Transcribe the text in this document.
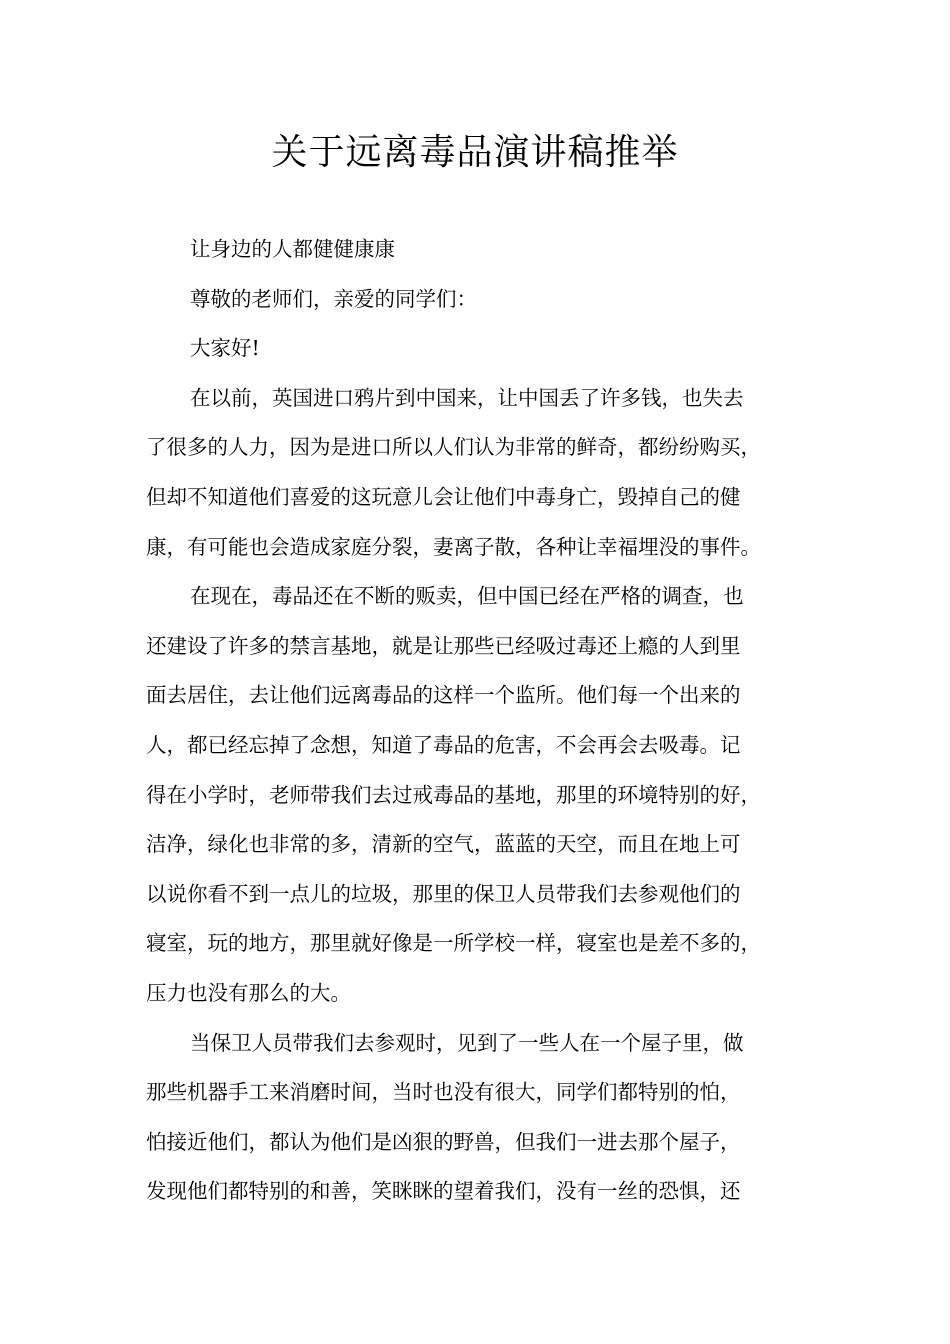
关于远离毒品演讲稿推举
让身边的人都健健康康
尊敬的老师们，亲爱的同学们：
大家好!
在以前，英国进口鸦片到中国来，让中国丢了许多钱，也失去
了很多的人力，因为是进口所以人们认为非常的鲜奇，都纷纷购买，
但却不知道他们喜爱的这玩意儿会让他们中毒身亡，毁掉自己的健
康，有可能也会造成家庭分裂，妻离子散，各种让幸福埋没的事件。
在现在，毒品还在不断的贩卖，但中国已经在严格的调查，也
还建设了许多的禁言基地，就是让那些已经吸过毒还上瘾的人到里
面去居住，去让他们远离毒品的这样一个监所。他们每一个出来的
人，都已经忘掉了念想，知道了毒品的危害，不会再会去吸毒。记
得在小学时，老师带我们去过戒毒品的基地，那里的环境特别的好，
洁净，绿化也非常的多，清新的空气，蓝蓝的天空，而且在地上可
以说你看不到一点儿的垃圾，那里的保卫人员带我们去参观他们的
寝室，玩的地方，那里就好像是一所学校一样，寝室也是差不多的，
压力也没有那么的大。
当保卫人员带我们去参观时，见到了一些人在一个屋子里，做
那些机器手工来消磨时间，当时也没有很大，同学们都特别的怕，
怕接近他们，都认为他们是凶狠的野兽，但我们一进去那个屋子，
发现他们都特别的和善，笑眯眯的望着我们，没有一丝的恐惧，还
